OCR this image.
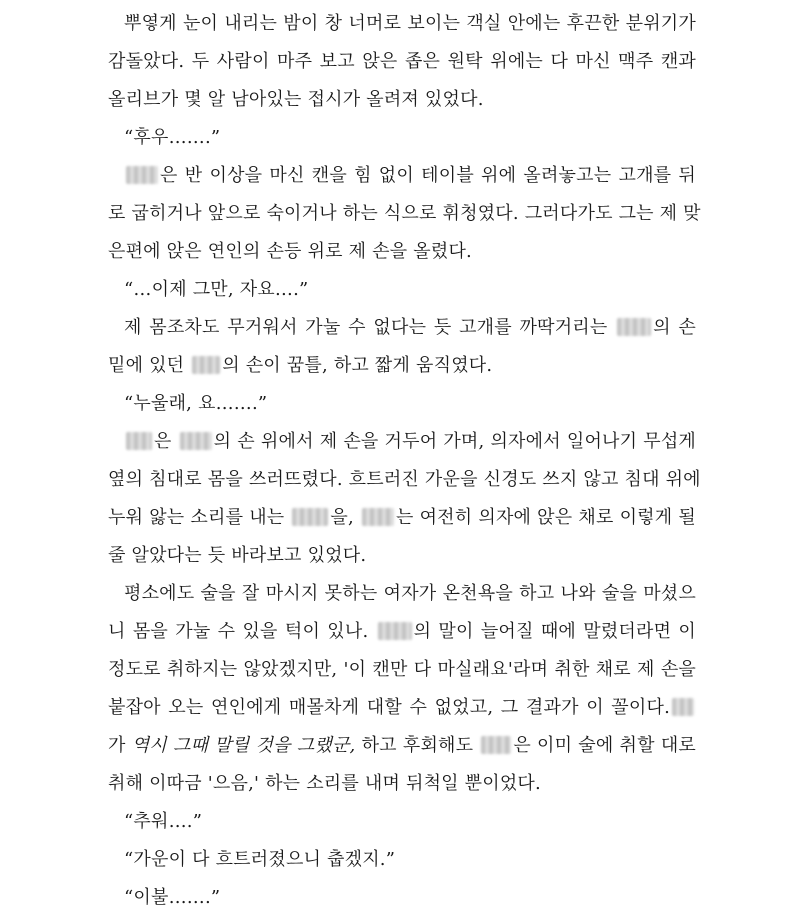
뿌옇게 눈이 내리는 밤이 창 너머로 보이는 객실 안에는 후끈한 분위기가
감돌았다. 두 사람이 마주 보고 앉은 좁은 원탁 위에는 다 마신 맥주 캔과
올리브가 몇 알 남아있는 접시가 올려져 있었다.
“후우…….”
은 반 이상을 마신 캔을 힘 없이 테이블 위에 올려놓고는 고개를 뒤
로 굽히거나 앞으로 숙이거나 하는 식으로 휘청였다. 그러다가도 그는 제 맞
은편에 앉은 연인의 손등 위로 제 손을 올렸다.
“…이제 그만, 자요….”
제 몸조차도 무거워서 가눌 수 없다는 듯 고개를 까딱거리는 의 손
밑에 있던 의 손이 꿈틀, 하고 짧게 움직였다.
“누울래, 요…….”
은 의 손 위에서 제 손을 거두어 가며, 의자에서 일어나기 무섭게
옆의 침대로 몸을 쓰러뜨렸다. 흐트러진 가운을 신경도 쓰지 않고 침대 위에
누워 앓는 소리를 내는 을, 는 여전히 의자에 앉은 채로 이렇게 될
줄 알았다는 듯 바라보고 있었다.
평소에도 술을 잘 마시지 못하는 여자가 온천욕을 하고 나와 술을 마셨으
니 몸을 가눌 수 있을 턱이 있나. 의 말이 늘어질 때에 말렸더라면 이
정도로 취하지는 않았겠지만, '이 캔만 다 마실래요'라며 취한 채로 제 손을
붙잡아 오는 연인에게 매몰차게 대할 수 없었고, 그 결과가 이 꼴이다.
가 역시 그때 말릴 것을 그랬군, 하고 후회해도 은 이미 술에 취할 대로
취해 이따금 '으음,' 하는 소리를 내며 뒤척일 뿐이었다.
“추워….”
“가운이 다 흐트러졌으니 춥겠지.”
“이불…….”
